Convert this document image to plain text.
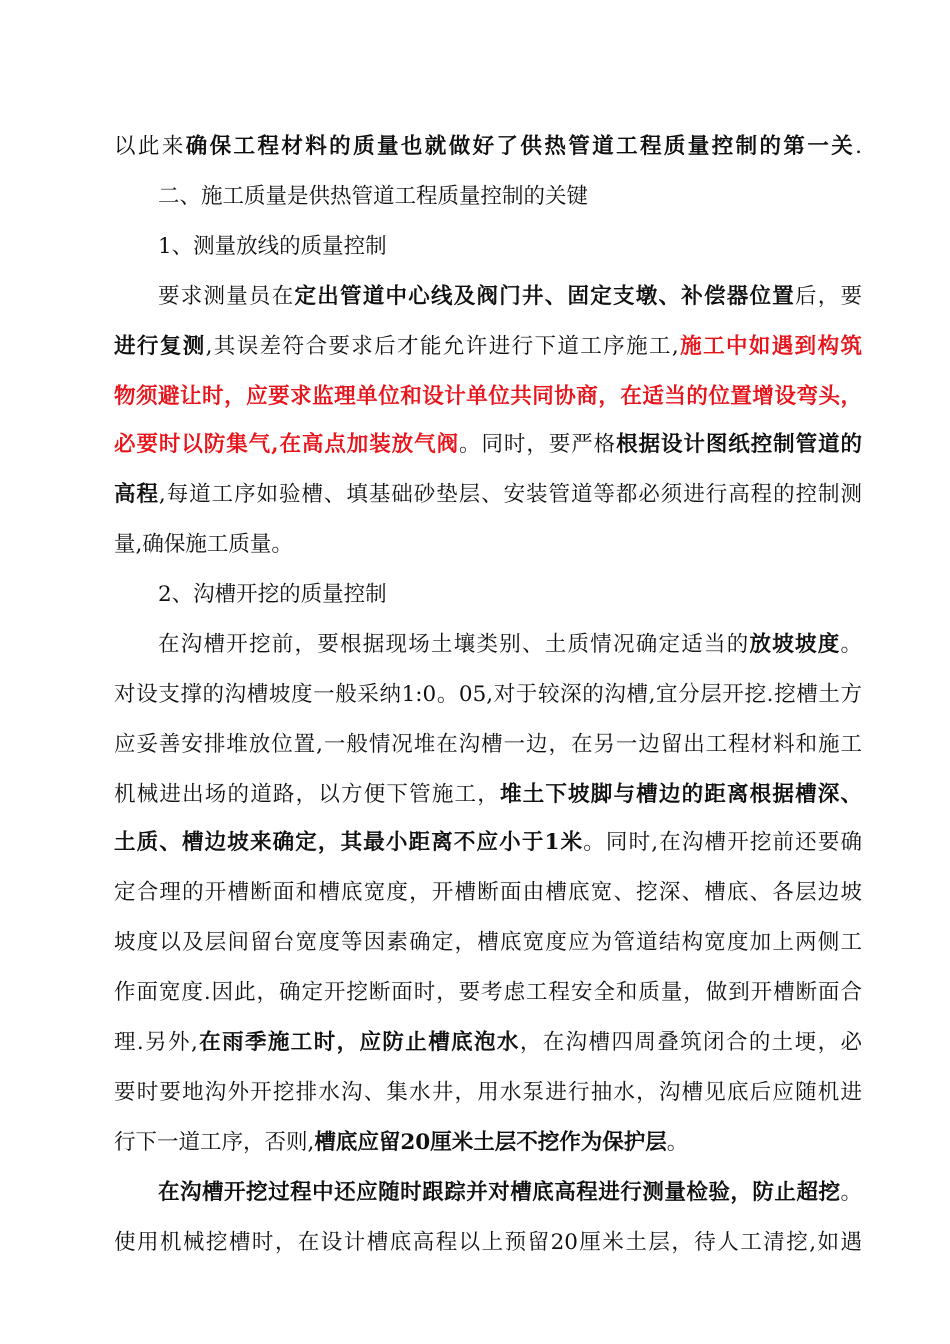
以此来确保工程材料的质量也就做好了供热管道工程质量控制的第一关.

二、施工质量是供热管道工程质量控制的关键

1、测量放线的质量控制

要求测量员在定出管道中心线及阀门井、固定支墩、补偿器位置后，要

进行复测,其误差符合要求后才能允许进行下道工序施工,施工中如遇到构筑

物须避让时，应要求监理单位和设计单位共同协商，在适当的位置增设弯头，

必要时以防集气,在高点加装放气阀。同时，要严格根据设计图纸控制管道的

高程,每道工序如验槽、填基础砂垫层、安装管道等都必须进行高程的控制测

量,确保施工质量。

2、沟槽开挖的质量控制

在沟槽开挖前，要根据现场土壤类别、土质情况确定适当的放坡坡度。

对设支撑的沟槽坡度一般采纳1:0。05,对于较深的沟槽,宜分层开挖.挖槽土方

应妥善安排堆放位置,一般情况堆在沟槽一边，在另一边留出工程材料和施工

机械进出场的道路，以方便下管施工，堆土下坡脚与槽边的距离根据槽深、

土质、槽边坡来确定，其最小距离不应小于1米。同时,在沟槽开挖前还要确

定合理的开槽断面和槽底宽度，开槽断面由槽底宽、挖深、槽底、各层边坡

坡度以及层间留台宽度等因素确定，槽底宽度应为管道结构宽度加上两侧工

作面宽度.因此，确定开挖断面时，要考虑工程安全和质量，做到开槽断面合

理.另外,在雨季施工时，应防止槽底泡水，在沟槽四周叠筑闭合的土埂，必

要时要地沟外开挖排水沟、集水井，用水泵进行抽水，沟槽见底后应随机进

行下一道工序，否则,槽底应留20厘米土层不挖作为保护层。

在沟槽开挖过程中还应随时跟踪并对槽底高程进行测量检验，防止超挖。

使用机械挖槽时，在设计槽底高程以上预留20厘米土层，待人工清挖,如遇
